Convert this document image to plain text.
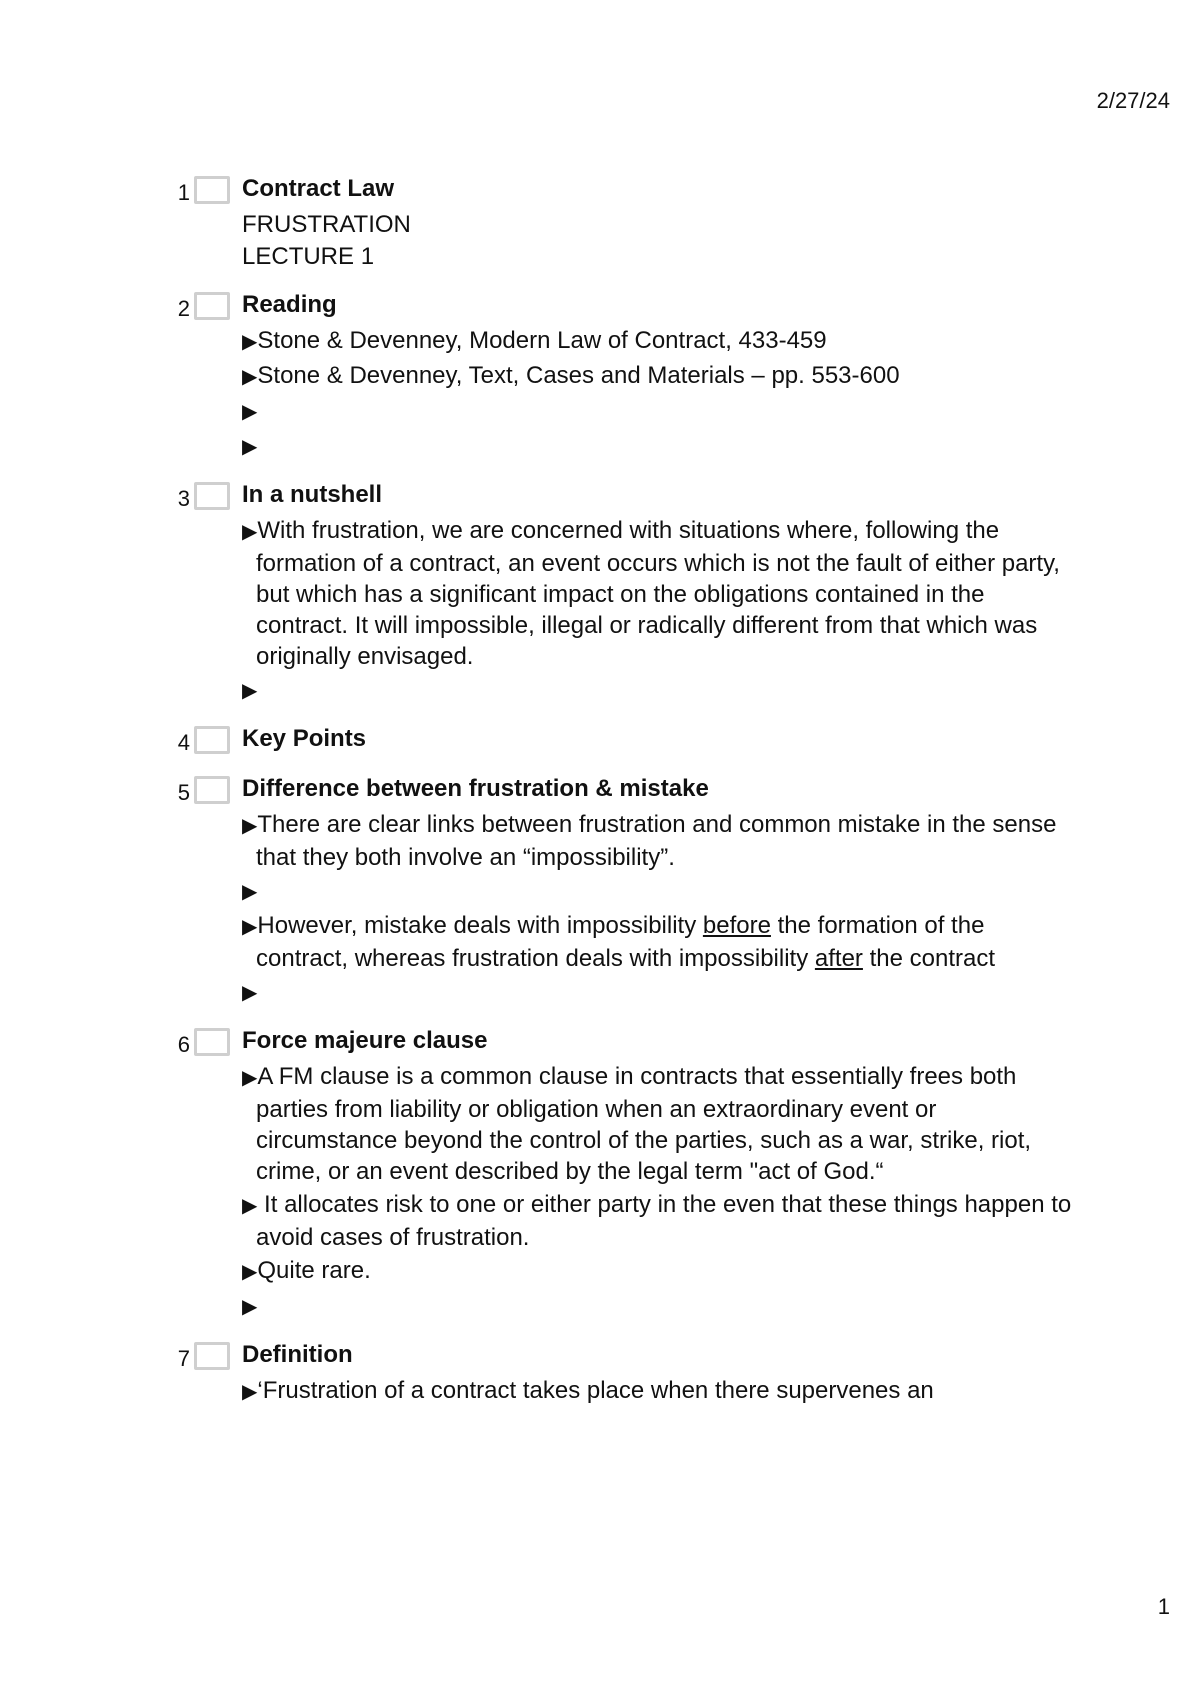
2/27/24
1 Contract Law
FRUSTRATION
LECTURE 1
2 Reading
▶Stone & Devenney, Modern Law of Contract, 433-459
▶Stone & Devenney, Text, Cases and Materials – pp. 553-600
▶
▶
3 In a nutshell
▶With frustration, we are concerned with situations where, following the formation of a contract, an event occurs which is not the fault of either party, but which has a significant impact on the obligations contained in the contract. It will impossible, illegal or radically different from that which was originally envisaged.
▶
4 Key Points
5 Difference between frustration & mistake
▶There are clear links between frustration and common mistake in the sense that they both involve an “impossibility”.
▶
▶However, mistake deals with impossibility before the formation of the contract, whereas frustration deals with impossibility after the contract
▶
6 Force majeure clause
▶A FM clause is a common clause in contracts that essentially frees both parties from liability or obligation when an extraordinary event or circumstance beyond the control of the parties, such as a war, strike, riot, crime, or an event described by the legal term "act of God.“
▶ It allocates risk to one or either party in the even that these things happen to avoid cases of frustration.
▶Quite rare.
▶
7 Definition
▶‘Frustration of a contract takes place when there supervenes an
1
